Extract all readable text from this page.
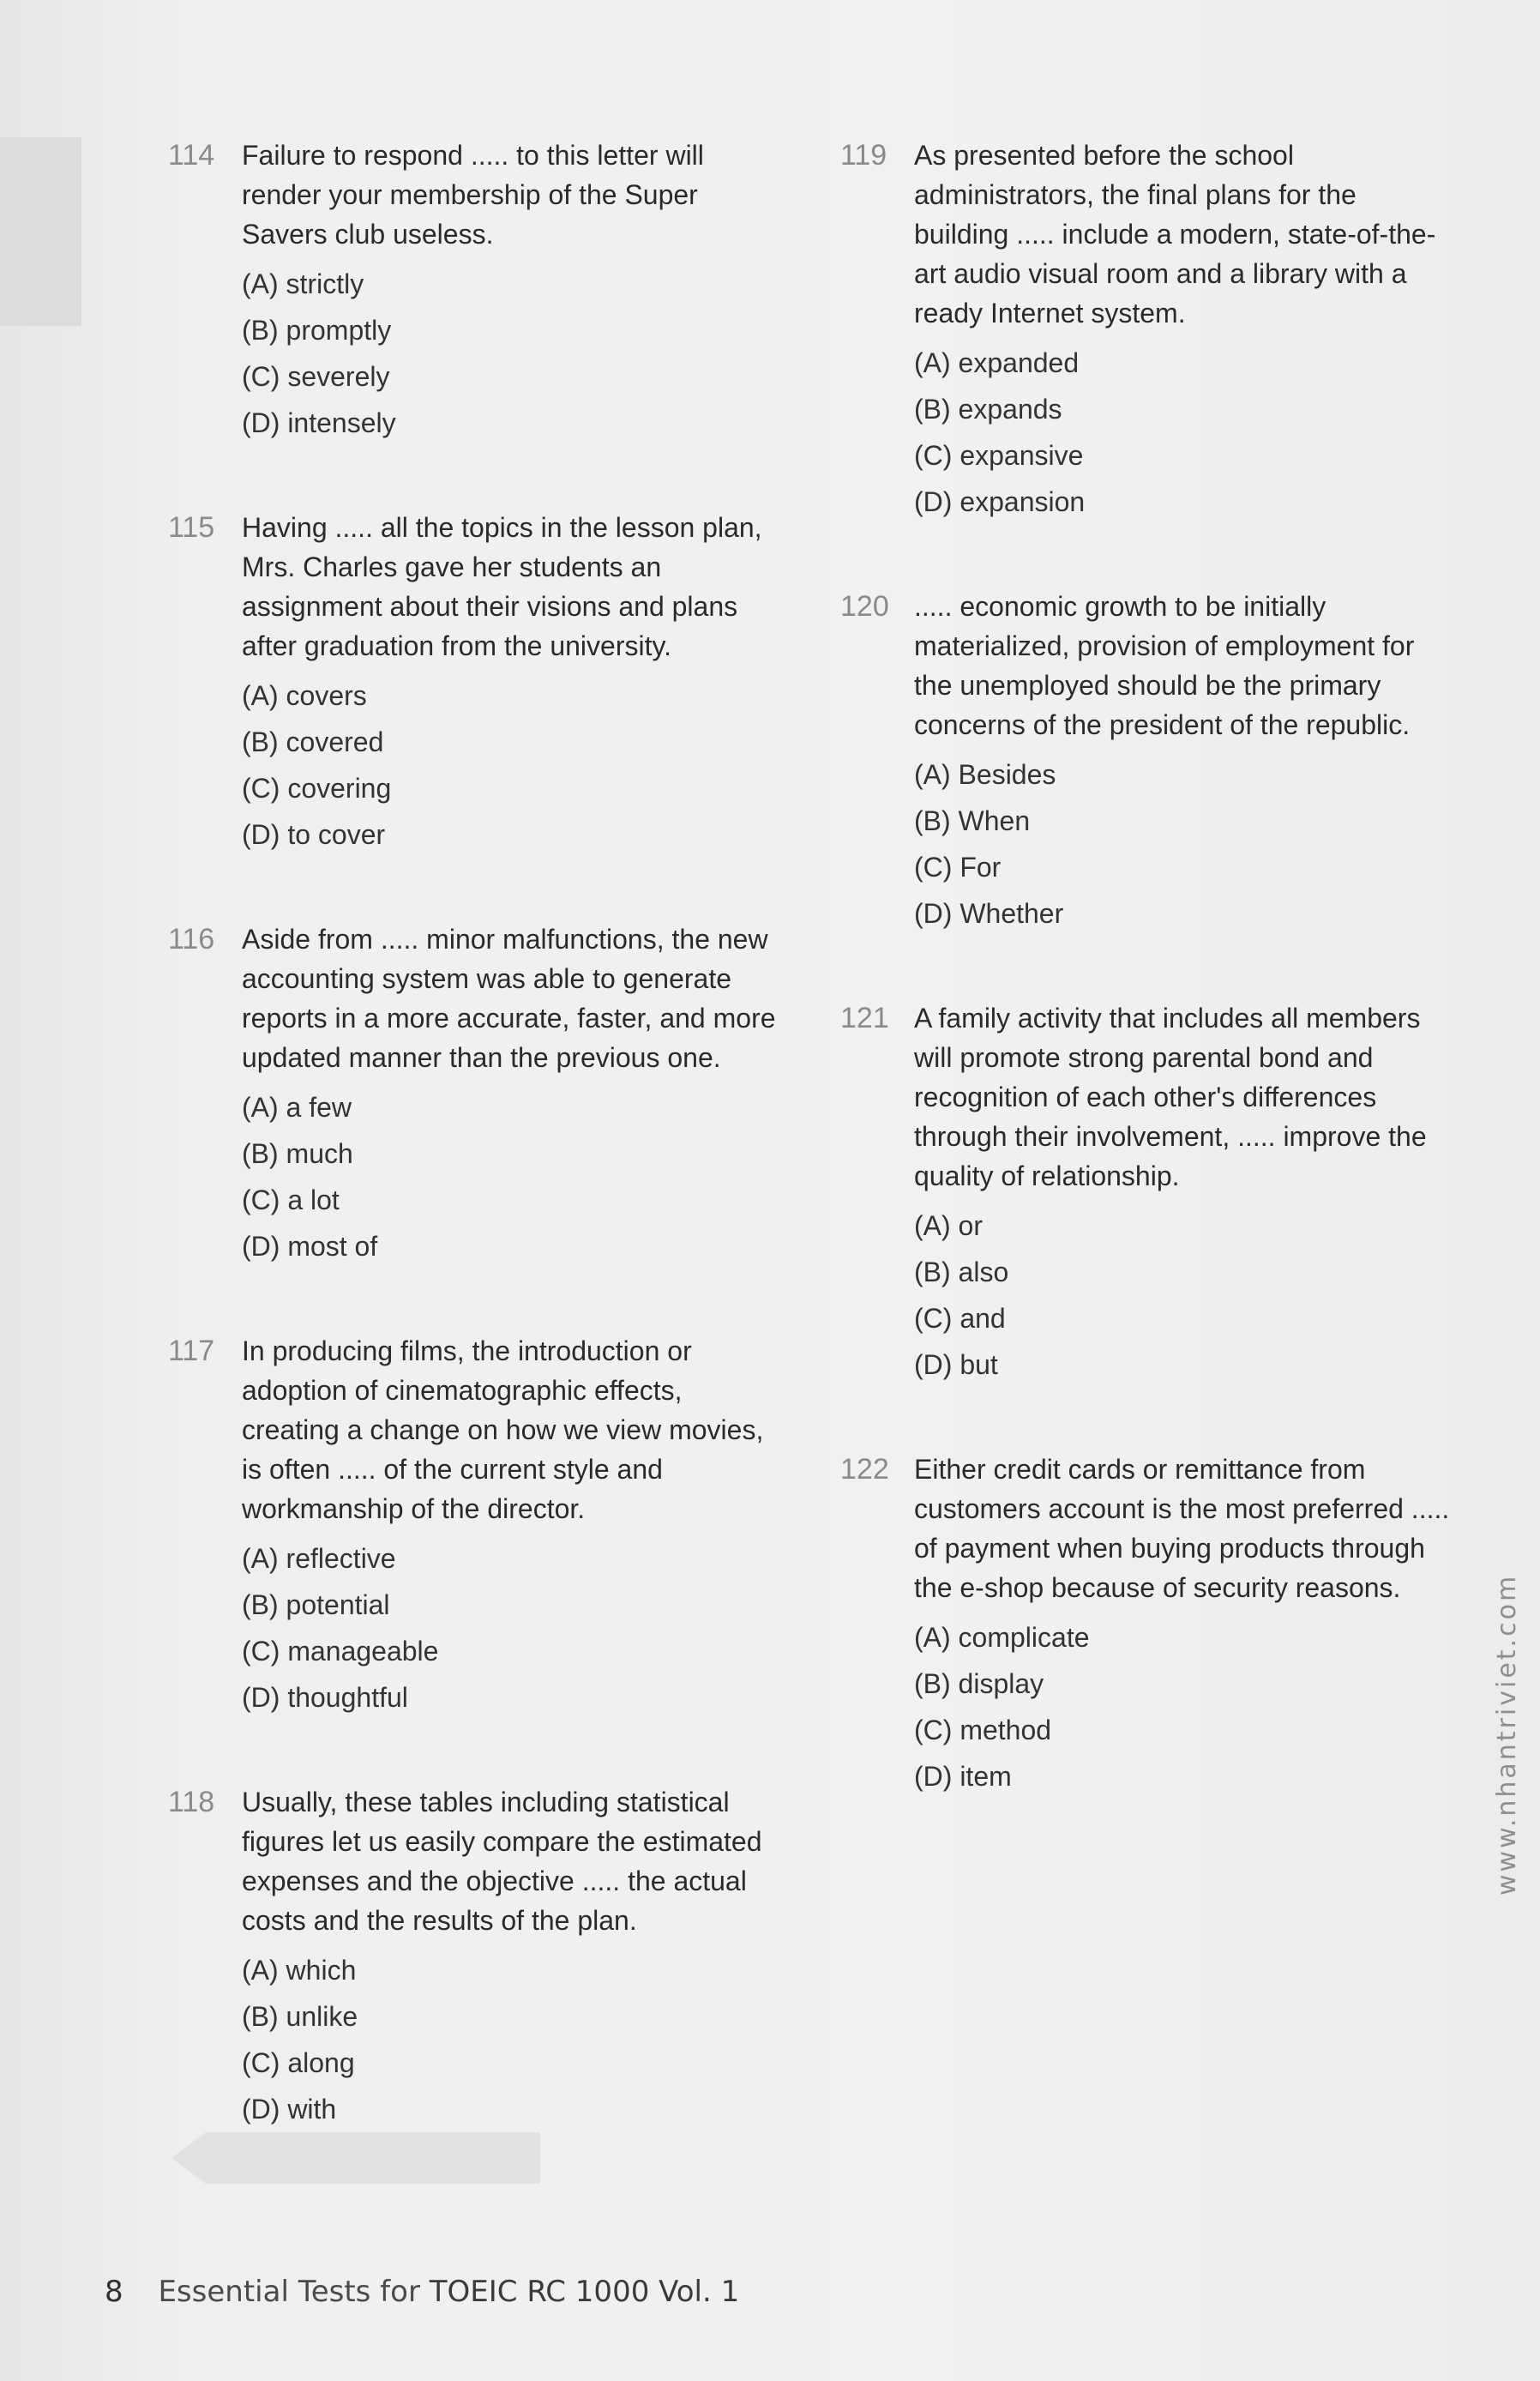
114 Failure to respond ..... to this letter will render your membership of the Super Savers club useless.
(A) strictly
(B) promptly
(C) severely
(D) intensely
115 Having ..... all the topics in the lesson plan, Mrs. Charles gave her students an assignment about their visions and plans after graduation from the university.
(A) covers
(B) covered
(C) covering
(D) to cover
116 Aside from ..... minor malfunctions, the new accounting system was able to generate reports in a more accurate, faster, and more updated manner than the previous one.
(A) a few
(B) much
(C) a lot
(D) most of
117 In producing films, the introduction or adoption of cinematographic effects, creating a change on how we view movies, is often ..... of the current style and workmanship of the director.
(A) reflective
(B) potential
(C) manageable
(D) thoughtful
118 Usually, these tables including statistical figures let us easily compare the estimated expenses and the objective ..... the actual costs and the results of the plan.
(A) which
(B) unlike
(C) along
(D) with
119 As presented before the school administrators, the final plans for the building ..... include a modern, state-of-the-art audio visual room and a library with a ready Internet system.
(A) expanded
(B) expands
(C) expansive
(D) expansion
120 ..... economic growth to be initially materialized, provision of employment for the unemployed should be the primary concerns of the president of the republic.
(A) Besides
(B) When
(C) For
(D) Whether
121 A family activity that includes all members will promote strong parental bond and recognition of each other's differences through their involvement, ..... improve the quality of relationship.
(A) or
(B) also
(C) and
(D) but
122 Either credit cards or remittance from customers account is the most preferred ..... of payment when buying products through the e-shop because of security reasons.
(A) complicate
(B) display
(C) method
(D) item
8 Essential Tests for TOEIC RC 1000 Vol. 1
www.nhantriviet.com
